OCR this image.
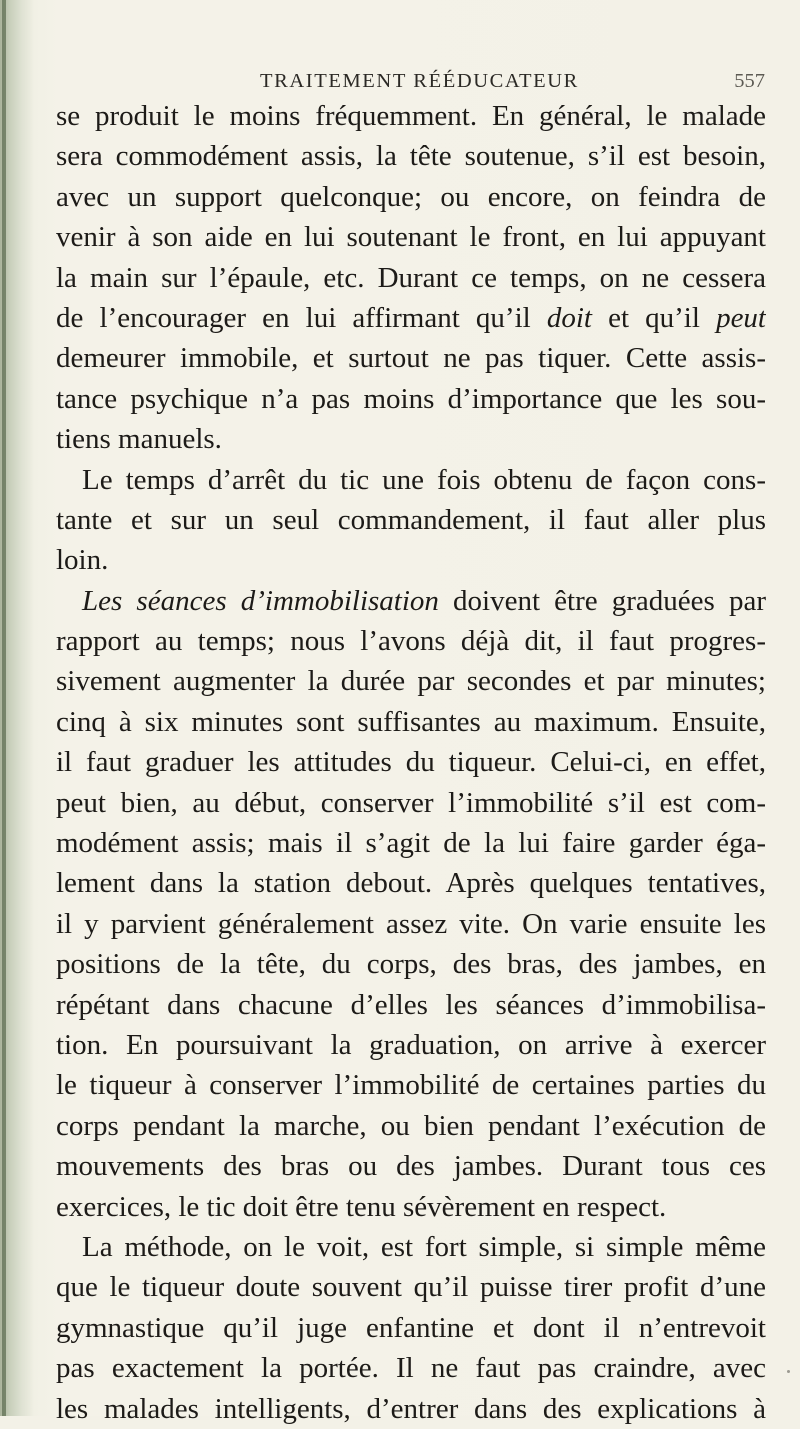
TRAITEMENT RÉÉDUCATEUR	557
se produit le moins fréquemment. En général, le malade
sera commodément assis, la tête soutenue, s’il est besoin,
avec un support quelconque; ou encore, on feindra de
venir à son aide en lui soutenant le front, en lui appuyant
la main sur l’épaule, etc. Durant ce temps, on ne cessera
de l’encourager en lui affirmant qu’il doit et qu’il peut
demeurer immobile, et surtout ne pas tiquer. Cette assis-
tance psychique n’a pas moins d’importance que les sou-
tiens manuels.
Le temps d’arrêt du tic une fois obtenu de façon cons-
tante et sur un seul commandement, il faut aller plus
loin.
Les séances d’immobilisation doivent être graduées par
rapport au temps; nous l’avons déjà dit, il faut progres-
sivement augmenter la durée par secondes et par minutes;
cinq à six minutes sont suffisantes au maximum. Ensuite,
il faut graduer les attitudes du tiqueur. Celui-ci, en effet,
peut bien, au début, conserver l’immobilité s’il est com-
modément assis; mais il s’agit de la lui faire garder éga-
lement dans la station debout. Après quelques tentatives,
il y parvient généralement assez vite. On varie ensuite les
positions de la tête, du corps, des bras, des jambes, en
répétant dans chacune d’elles les séances d’immobilisa-
tion. En poursuivant la graduation, on arrive à exercer
le tiqueur à conserver l’immobilité de certaines parties du
corps pendant la marche, ou bien pendant l’exécution de
mouvements des bras ou des jambes. Durant tous ces
exercices, le tic doit être tenu sévèrement en respect.
La méthode, on le voit, est fort simple, si simple même
que le tiqueur doute souvent qu’il puisse tirer profit d’une
gymnastique qu’il juge enfantine et dont il n’entrevoit
pas exactement la portée. Il ne faut pas craindre, avec
les malades intelligents, d’entrer dans des explications à
